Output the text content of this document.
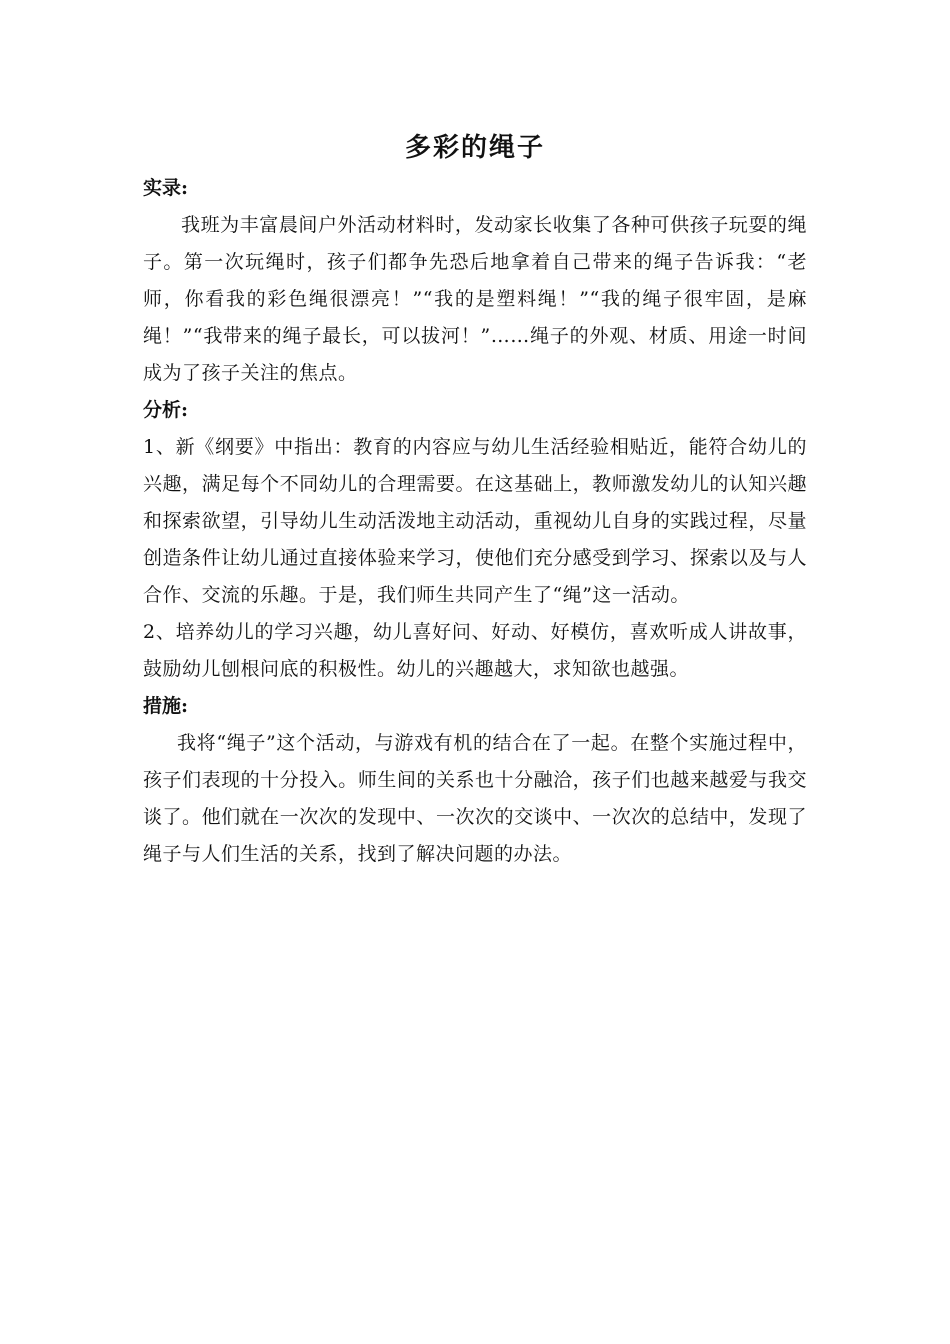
多彩的绳子

实录:

我班为丰富晨间户外活动材料时，发动家长收集了各种可供孩子玩耍的绳子。第一次玩绳时，孩子们都争先恐后地拿着自己带来的绳子告诉我：“老师，你看我的彩色绳很漂亮！”“我的是塑料绳！”“我的绳子很牢固，是麻绳！”“我带来的绳子最长，可以拔河！”……绳子的外观、材质、用途一时间成为了孩子关注的焦点。

分析:

1、新《纲要》中指出：教育的内容应与幼儿生活经验相贴近，能符合幼儿的兴趣，满足每个不同幼儿的合理需要。在这基础上，教师激发幼儿的认知兴趣和探索欲望，引导幼儿生动活泼地主动活动，重视幼儿自身的实践过程，尽量创造条件让幼儿通过直接体验来学习，使他们充分感受到学习、探索以及与人合作、交流的乐趣。于是，我们师生共同产生了“绳”这一活动。

2、培养幼儿的学习兴趣，幼儿喜好问、好动、好模仿，喜欢听成人讲故事，鼓励幼儿刨根问底的积极性。幼儿的兴趣越大，求知欲也越强。

措施:

我将“绳子”这个活动，与游戏有机的结合在了一起。在整个实施过程中，孩子们表现的十分投入。师生间的关系也十分融洽，孩子们也越来越爱与我交谈了。他们就在一次次的发现中、一次次的交谈中、一次次的总结中，发现了绳子与人们生活的关系，找到了解决问题的办法。
